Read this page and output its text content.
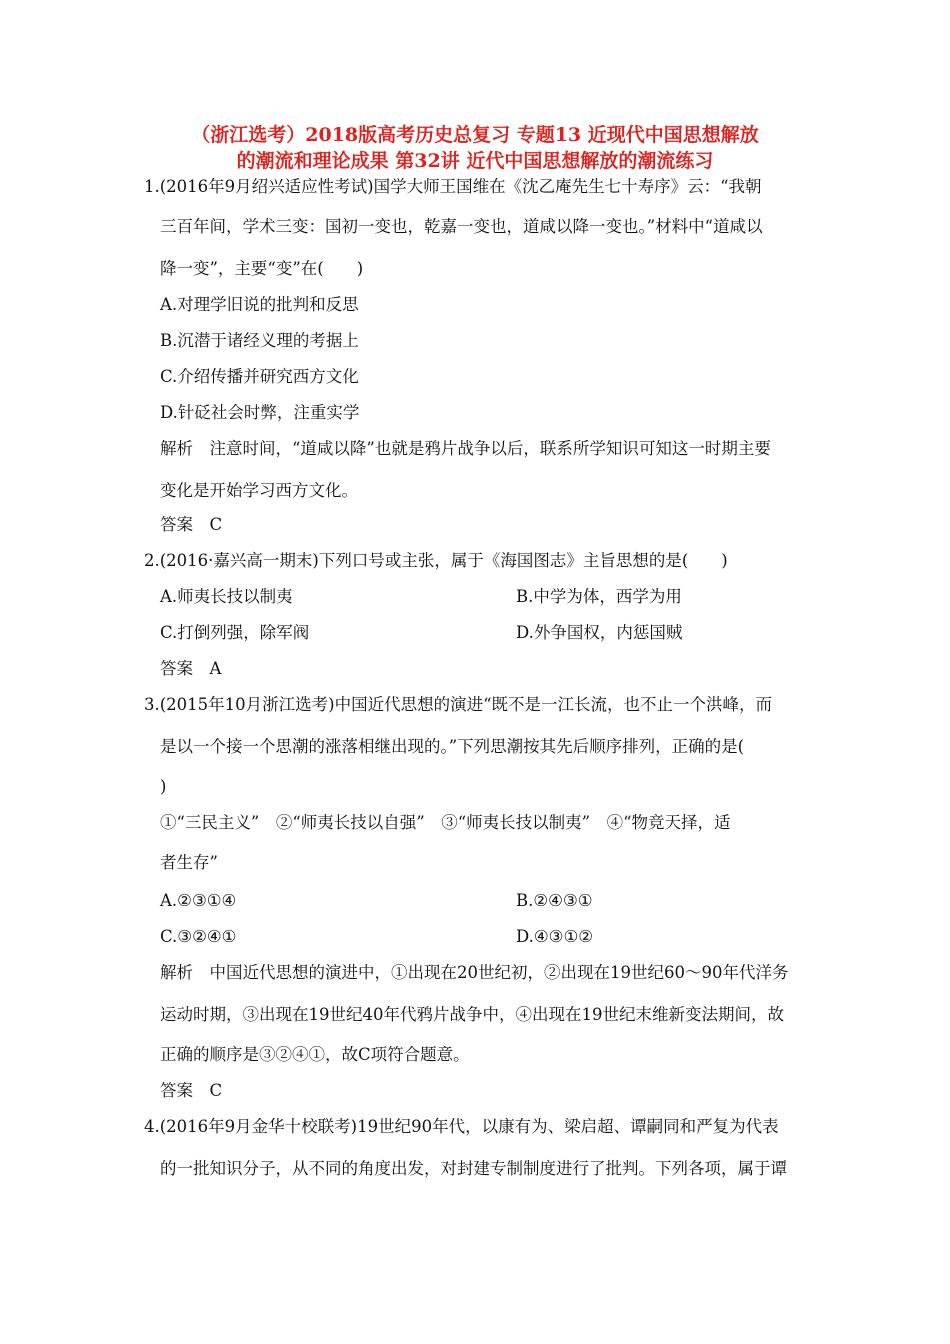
（浙江选考）2018版高考历史总复习 专题13 近现代中国思想解放
的潮流和理论成果 第32讲 近代中国思想解放的潮流练习
1.(2016年9月绍兴适应性考试)国学大师王国维在《沈乙庵先生七十寿序》云：“我朝
三百年间，学术三变：国初一变也，乾嘉一变也，道咸以降一变也。”材料中“道咸以
降一变”，主要“变”在(　　)
A.对理学旧说的批判和反思
B.沉潜于诸经义理的考据上
C.介绍传播并研究西方文化
D.针砭社会时弊，注重实学
解析　注意时间，“道咸以降”也就是鸦片战争以后，联系所学知识可知这一时期主要
变化是开始学习西方文化。
答案　C
2.(2016·嘉兴高一期末)下列口号或主张，属于《海国图志》主旨思想的是(　　)
A.师夷长技以制夷	B.中学为体，西学为用
C.打倒列强，除军阀	D.外争国权，内惩国贼
答案　A
3.(2015年10月浙江选考)中国近代思想的演进“既不是一江长流，也不止一个洪峰，而
是以一个接一个思潮的涨落相继出现的。”下列思潮按其先后顺序排列，正确的是(
)
①“三民主义”　②“师夷长技以自强”　③“师夷长技以制夷”　④“物竞天择，适
者生存”
A.②③①④	B.②④③①
C.③②④①	D.④③①②
解析　中国近代思想的演进中，①出现在20世纪初，②出现在19世纪60～90年代洋务
运动时期，③出现在19世纪40年代鸦片战争中，④出现在19世纪末维新变法期间，故
正确的顺序是③②④①，故C项符合题意。
答案　C
4.(2016年9月金华十校联考)19世纪90年代，以康有为、梁启超、谭嗣同和严复为代表
的一批知识分子，从不同的角度出发，对封建专制制度进行了批判。下列各项，属于谭
